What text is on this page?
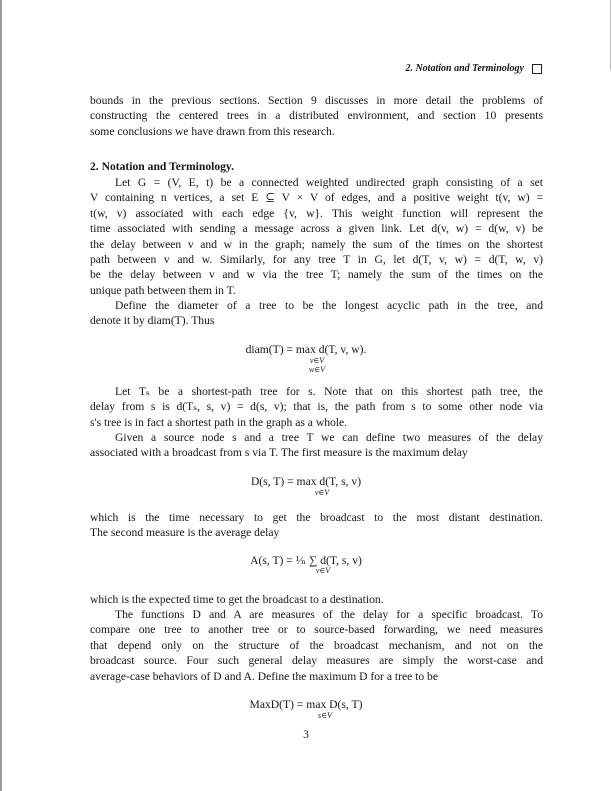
2. Notation and Terminology
bounds in the previous sections. Section 9 discusses in more detail the problems of
constructing the centered trees in a distributed environment, and section 10 presents
some conclusions we have drawn from this research.
2. Notation and Terminology.
Let G = (V, E, t) be a connected weighted undirected graph consisting of a set
V containing n vertices, a set E ⊆ V × V of edges, and a positive weight t(v, w) =
t(w, v) associated with each edge {v, w}. This weight function will represent the
time associated with sending a message across a given link. Let d(v, w) = d(w, v) be
the delay between v and w in the graph; namely the sum of the times on the shortest
path between v and w. Similarly, for any tree T in G, let d(T, v, w) = d(T, w, v)
be the delay between v and w via the tree T; namely the sum of the times on the
unique path between them in T.
Define the diameter of a tree to be the longest acyclic path in the tree, and
denote it by diam(T). Thus
diam(T) = max d(T, v, w).
v∈V
w∈V
Let Tₛ be a shortest-path tree for s. Note that on this shortest path tree, the
delay from s is d(Tₛ, s, v) = d(s, v); that is, the path from s to some other node via
s's tree is in fact a shortest path in the graph as a whole.
Given a source node s and a tree T we can define two measures of the delay
associated with a broadcast from s via T. The first measure is the maximum delay
D(s, T) = max d(T, s, v)
v∈V
which is the time necessary to get the broadcast to the most distant destination.
The second measure is the average delay
A(s, T) = ¹⁄ₙ ∑ d(T, s, v)
v∈V
which is the expected time to get the broadcast to a destination.
The functions D and A are measures of the delay for a specific broadcast. To
compare one tree to another tree or to source-based forwarding, we need measures
that depend only on the structure of the broadcast mechanism, and not on the
broadcast source. Four such general delay measures are simply the worst-case and
average-case behaviors of D and A. Define the maximum D for a tree to be
MaxD(T) = max D(s, T)
s∈V
3
